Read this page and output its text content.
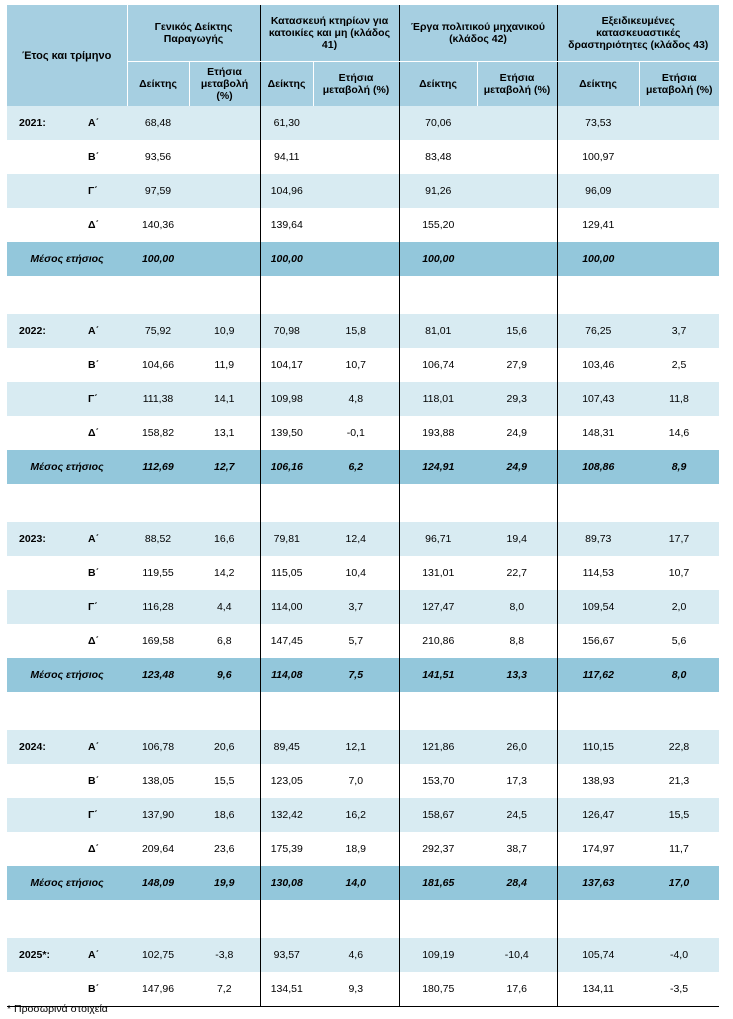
Έτος και τρίμηνο	Γενικός Δείκτης Παραγωγής		Κατασκευή κτηρίων για κατοικίες και μη (κλάδος 41)		Έργα πολιτικού μηχανικού (κλάδος 42)		Εξειδικευμένες κατασκευαστικές δραστηριότητες (κλάδος 43)	
	Δείκτης	Ετήσια μεταβολή (%)	Δείκτης	Ετήσια μεταβολή (%)	Δείκτης	Ετήσια μεταβολή (%)	Δείκτης	Ετήσια μεταβολή (%)

2021: Α΄	68,48		61,30		70,06		73,53	

Β΄	93,56		94,11		83,48		100,97	

Γ΄	97,59		104,96		91,26		96,09	

Δ΄	140,36		139,64		155,20		129,41	
Μέσος ετήσιος	100,00		100,00		100,00		100,00	

2022: Α΄	75,92	10,9	70,98	15,8	81,01	15,6	76,25	3,7

Β΄	104,66	11,9	104,17	10,7	106,74	27,9	103,46	2,5

Γ΄	111,38	14,1	109,98	4,8	118,01	29,3	107,43	11,8

Δ΄	158,82	13,1	139,50	-0,1	193,88	24,9	148,31	14,6
Μέσος ετήσιος	112,69	12,7	106,16	6,2	124,91	24,9	108,86	8,9

2023: Α΄	88,52	16,6	79,81	12,4	96,71	19,4	89,73	17,7

Β΄	119,55	14,2	115,05	10,4	131,01	22,7	114,53	10,7

Γ΄	116,28	4,4	114,00	3,7	127,47	8,0	109,54	2,0

Δ΄	169,58	6,8	147,45	5,7	210,86	8,8	156,67	5,6
Μέσος ετήσιος	123,48	9,6	114,08	7,5	141,51	13,3	117,62	8,0

2024: Α΄	106,78	20,6	89,45	12,1	121,86	26,0	110,15	22,8

Β΄	138,05	15,5	123,05	7,0	153,70	17,3	138,93	21,3

Γ΄	137,90	18,6	132,42	16,2	158,67	24,5	126,47	15,5

Δ΄	209,64	23,6	175,39	18,9	292,37	38,7	174,97	11,7
Μέσος ετήσιος	148,09	19,9	130,08	14,0	181,65	28,4	137,63	17,0

2025*: Α΄	102,75	-3,8	93,57	4,6	109,19	-10,4	105,74	-4,0

Β΄	147,96	7,2	134,51	9,3	180,75	17,6	134,11	-3,5
* Προσωρινά στοιχεία
